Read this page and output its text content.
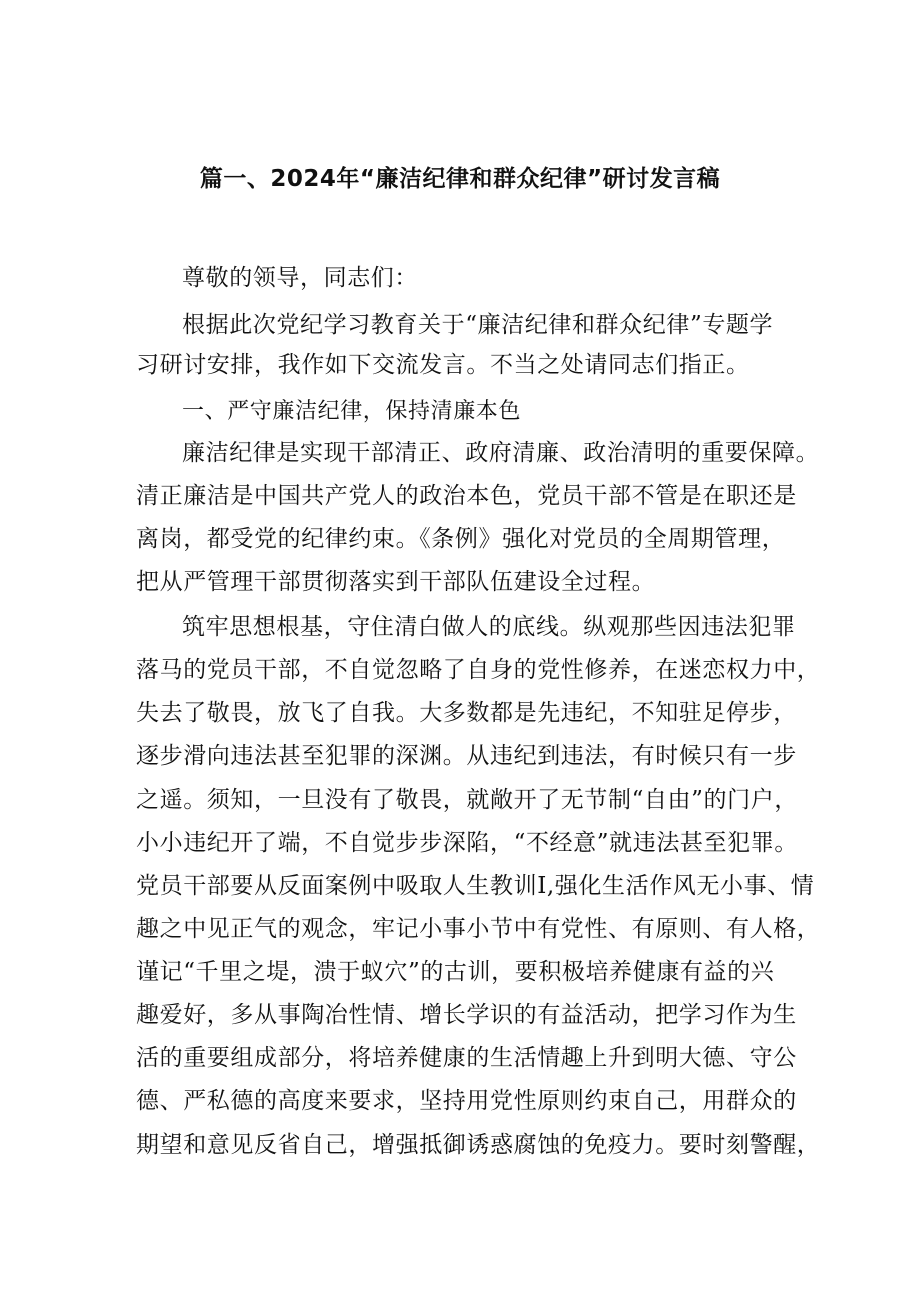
篇一、2024年“廉洁纪律和群众纪律”研讨发言稿
尊敬的领导，同志们：
根据此次党纪学习教育关于“廉洁纪律和群众纪律”专题学
习研讨安排，我作如下交流发言。不当之处请同志们指正。
一、严守廉洁纪律，保持清廉本色
廉洁纪律是实现干部清正、政府清廉、政治清明的重要保障。
清正廉洁是中国共产党人的政治本色，党员干部不管是在职还是
离岗，都受党的纪律约束。《条例》强化对党员的全周期管理，
把从严管理干部贯彻落实到干部队伍建设全过程。
筑牢思想根基，守住清白做人的底线。纵观那些因违法犯罪
落马的党员干部，不自觉忽略了自身的党性修养，在迷恋权力中，
失去了敬畏，放飞了自我。大多数都是先违纪，不知驻足停步，
逐步滑向违法甚至犯罪的深渊。从违纪到违法，有时候只有一步
之遥。须知，一旦没有了敬畏，就敞开了无节制“自由”的门户，
小小违纪开了端，不自觉步步深陷，“不经意”就违法甚至犯罪。
党员干部要从反面案例中吸取人生教训I,强化生活作风无小事、情
趣之中见正气的观念，牢记小事小节中有党性、有原则、有人格，
谨记“千里之堤，溃于蚁穴”的古训，要积极培养健康有益的兴
趣爱好，多从事陶冶性情、增长学识的有益活动，把学习作为生
活的重要组成部分，将培养健康的生活情趣上升到明大德、守公
德、严私德的高度来要求，坚持用党性原则约束自己，用群众的
期望和意见反省自己，增强抵御诱惑腐蚀的免疫力。要时刻警醒，
